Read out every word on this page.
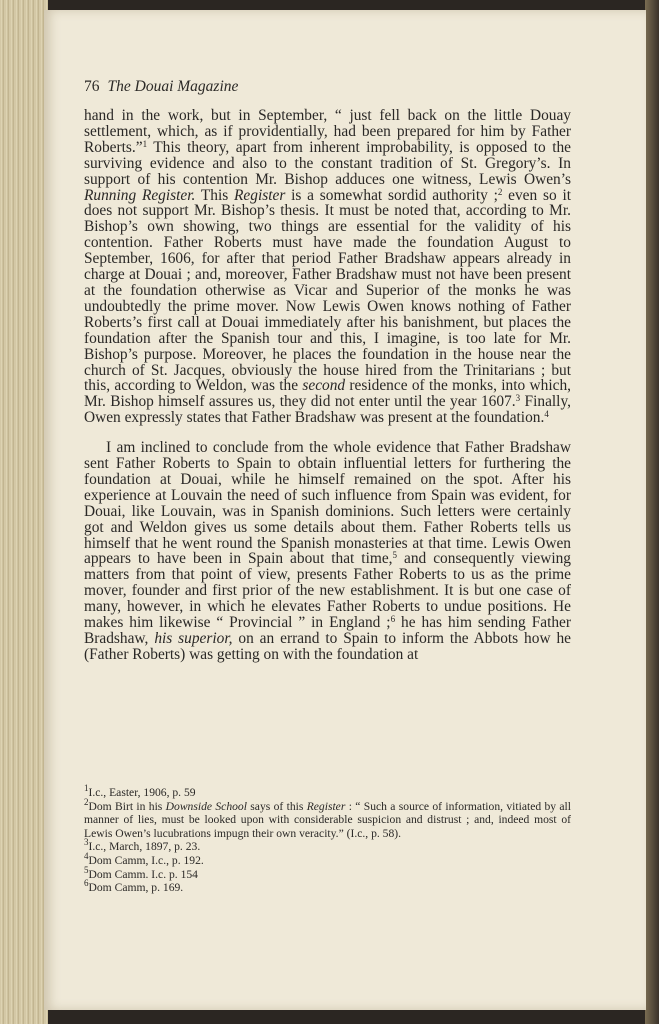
76 The Douai Magazine

hand in the work, but in September, “ just fell back on the little Douay settlement, which, as if providentially, had been prepared for him by Father Roberts.”$^1$ This theory, apart from inherent improbability, is opposed to the surviving evidence and also to the constant tradition of St. Gregory’s. In support of his contention Mr. Bishop adduces one witness, Lewis Owen’s Running Register. This Register is a somewhat sordid authority ;$^2$ even so it does not support Mr. Bishop’s thesis. It must be noted that, according to Mr. Bishop’s own showing, two things are essential for the validity of his contention. Father Roberts must have made the foundation August to September, 1606, for after that period Father Bradshaw appears already in charge at Douai ; and, moreover, Father Bradshaw must not have been present at the foundation otherwise as Vicar and Superior of the monks he was undoubtedly the prime mover. Now Lewis Owen knows nothing of Father Roberts’s first call at Douai immediately after his banishment, but places the foundation after the Spanish tour and this, I imagine, is too late for Mr. Bishop’s purpose. Moreover, he places the foundation in the house near the church of St. Jacques, obviously the house hired from the Trinitarians ; but this, according to Weldon, was the second residence of the monks, into which, Mr. Bishop himself assures us, they did not enter until the year 1607.$^3$ Finally, Owen expressly states that Father Bradshaw was present at the foundation.$^4$

I am inclined to conclude from the whole evidence that Father Bradshaw sent Father Roberts to Spain to obtain influential letters for furthering the foundation at Douai, while he himself remained on the spot. After his experience at Louvain the need of such influence from Spain was evident, for Douai, like Louvain, was in Spanish dominions. Such letters were certainly got and Weldon gives us some details about them. Father Roberts tells us himself that he went round the Spanish monasteries at that time. Lewis Owen appears to have been in Spain about that time,$^5$ and consequently viewing matters from that point of view, presents Father Roberts to us as the prime mover, founder and first prior of the new establishment. It is but one case of many, however, in which he elevates Father Roberts to undue positions. He makes him likewise “ Provincial ” in England ;$^6$ he has him sending Father Bradshaw, his superior, on an errand to Spain to inform the Abbots how he (Father Roberts) was getting on with the foundation at

$^1$I.c., Easter, 1906, p. 59

$^2$Dom Birt in his Downside School says of this Register : “ Such a source of information, vitiated by all manner of lies, must be looked upon with considerable suspicion and distrust ; and, indeed most of Lewis Owen’s lucubrations impugn their own veracity.” (I.c., p. 58).

$^3$I.c., March, 1897, p. 23.

$^4$Dom Camm, I.c., p. 192.

$^5$Dom Camm. I.c. p. 154

$^6$Dom Camm, p. 169.
